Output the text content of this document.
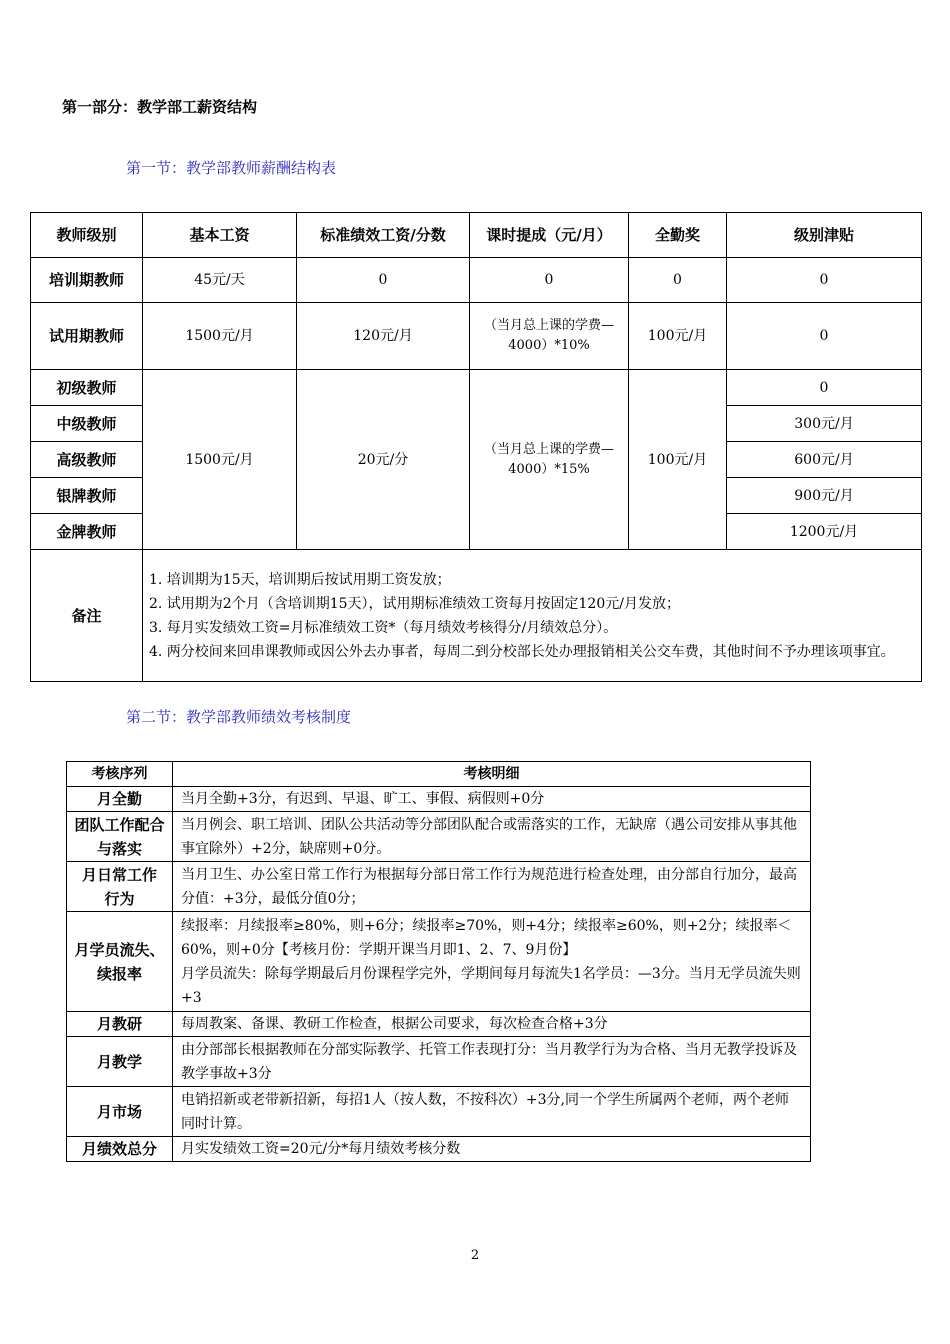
第一部分：教学部工薪资结构
第一节：教学部教师薪酬结构表
教师级别	基本工资	标准绩效工资/分数	课时提成（元/月）	全勤奖	级别津贴
培训期教师	45元/天	0	0	0	0
试用期教师	1500元/月	120元/月	（当月总上课的学费—4000）*10%	100元/月	0
初级教师	1500元/月	20元/分	（当月总上课的学费—4000）*15%	100元/月	0
中级教师					300元/月
高级教师					600元/月
银牌教师					900元/月
金牌教师					1200元/月
备注	1. 培训期为15天，培训期后按试用期工资发放；
2. 试用期为2个月（含培训期15天），试用期标准绩效工资每月按固定120元/月发放；
3. 每月实发绩效工资=月标准绩效工资*（每月绩效考核得分/月绩效总分）。
4. 两分校间来回串课教师或因公外去办事者，每周二到分校部长处办理报销相关公交车费，其他时间不予办理该项事宜。				
第二节：教学部教师绩效考核制度
考核序列	考核明细
月全勤	当月全勤+3分，有迟到、早退、旷工、事假、病假则+0分
团队工作配合与落实	当月例会、职工培训、团队公共活动等分部团队配合或需落实的工作，无缺席（遇公司安排从事其他事宜除外）+2分，缺席则+0分。
月日常工作行为	当月卫生、办公室日常工作行为根据每分部日常工作行为规范进行检查处理，由分部自行加分，最高分值：+3分，最低分值0分；
月学员流失、续报率	续报率：月续报率≥80%，则+6分；续报率≥70%，则+4分；续报率≥60%，则+2分；续报率＜60%，则+0分【考核月份：学期开课当月即1、2、7、9月份】
月学员流失：除每学期最后月份课程学完外，学期间每月每流失1名学员：—3分。当月无学员流失则+3

月教研	每周教案、备课、教研工作检查，根据公司要求，每次检查合格+3分
月教学	由分部部长根据教师在分部实际教学、托管工作表现打分：当月教学行为为合格、当月无教学投诉及教学事故+3分
月市场	电销招新或老带新招新，每招1人（按人数，不按科次）+3分,同一个学生所属两个老师，两个老师同时计算。
月绩效总分	月实发绩效工资=20元/分*每月绩效考核分数
2
